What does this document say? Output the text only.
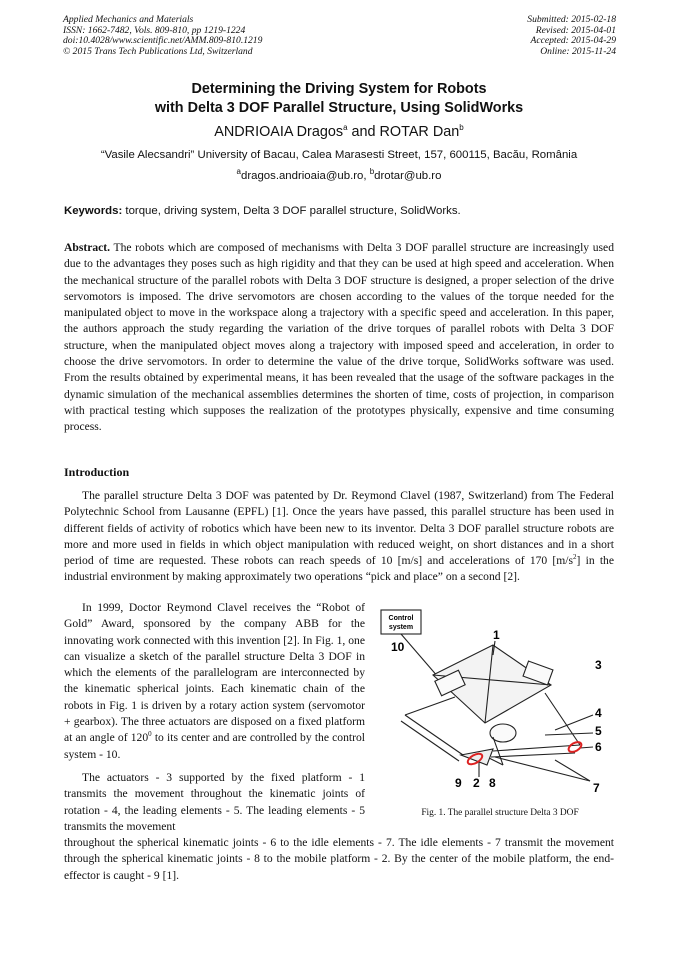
Applied Mechanics and Materials
ISSN: 1662-7482, Vols. 809-810, pp 1219-1224
doi:10.4028/www.scientific.net/AMM.809-810.1219
© 2015 Trans Tech Publications Ltd, Switzerland
Submitted: 2015-02-18
Revised: 2015-04-01
Accepted: 2015-04-29
Online: 2015-11-24
Determining the Driving System for Robots
with Delta 3 DOF Parallel Structure, Using SolidWorks
ANDRIOAIA Dragos$^a$ and ROTAR Dan$^b$
“Vasile Alecsandri” University of Bacau, Calea Marasesti Street, 157, 600115, Bacău, România
$^a$dragos.andrioaia@ub.ro, $^b$drotar@ub.ro
Keywords: torque, driving system, Delta 3 DOF parallel structure, SolidWorks.
Abstract. The robots which are composed of mechanisms with Delta 3 DOF parallel structure are increasingly used due to the advantages they poses such as high rigidity and that they can be used at high speed and acceleration. When the mechanical structure of the parallel robots with Delta 3 DOF structure is designed, a proper selection of the drive servomotors is imposed. The drive servomotors are chosen according to the values of the torque needed for the manipulated object to move in the workspace along a trajectory with a specific speed and acceleration. In this paper, the authors approach the study regarding the variation of the drive torques of parallel robots with Delta 3 DOF structure, when the manipulated object moves along a trajectory with imposed speed and acceleration, in order to choose the drive servomotors. In order to determine the value of the drive torque, SolidWorks software was used. From the results obtained by experimental means, it has been revealed that the usage of the software packages in the dynamic simulation of the mechanical assemblies determines the shorten of time, costs of projection, in comparison with practical testing which supposes the realization of the prototypes physically, expensive and time consuming process.
Introduction
The parallel structure Delta 3 DOF was patented by Dr. Reymond Clavel (1987, Switzerland) from The Federal Polytechnic School from Lausanne (EPFL) [1]. Once the years have passed, this parallel structure has been used in different fields of activity of robotics which have been new to its inventor. Delta 3 DOF parallel structure robots are more and more used in fields in which object manipulation with reduced weight, on short distances and in a short period of time are requested. These robots can reach speeds of 10 [m/s] and accelerations of 170 $[m/s^2]$ in the industrial environment by making approximately two operations “pick and place” on a second [2].
In 1999, Doctor Reymond Clavel receives the “Robot of Gold” Award, sponsored by the company ABB for the innovating work connected with this invention [2]. In Fig. 1, one can visualize a sketch of the parallel structure Delta 3 DOF in which the elements of the parallelogram are interconnected by the kinematic spherical joints. Each kinematic chain of the robots in Fig. 1 is driven by a rotary action system (servomotor + gearbox). The three actuators are disposed on a fixed platform at an angle of $120^0$ to its center and are controlled by the control system - 10.
The actuators - 3 supported by the fixed platform - 1 transmits the movement throughout the kinematic joints of rotation - 4, the leading elements - 5. The leading elements - 5 transmits the movement
throughout the spherical kinematic joints - 6 to the idle elements - 7. The idle elements - 7 transmit the movement through the spherical kinematic joints - 8 to the mobile platform - 2. By the center of the mobile platform, the end-effector is caught - 9 [1].
Control
system
10
1
3
4
5
6
7
9 2 8
Fig. 1. The parallel structure Delta 3 DOF
